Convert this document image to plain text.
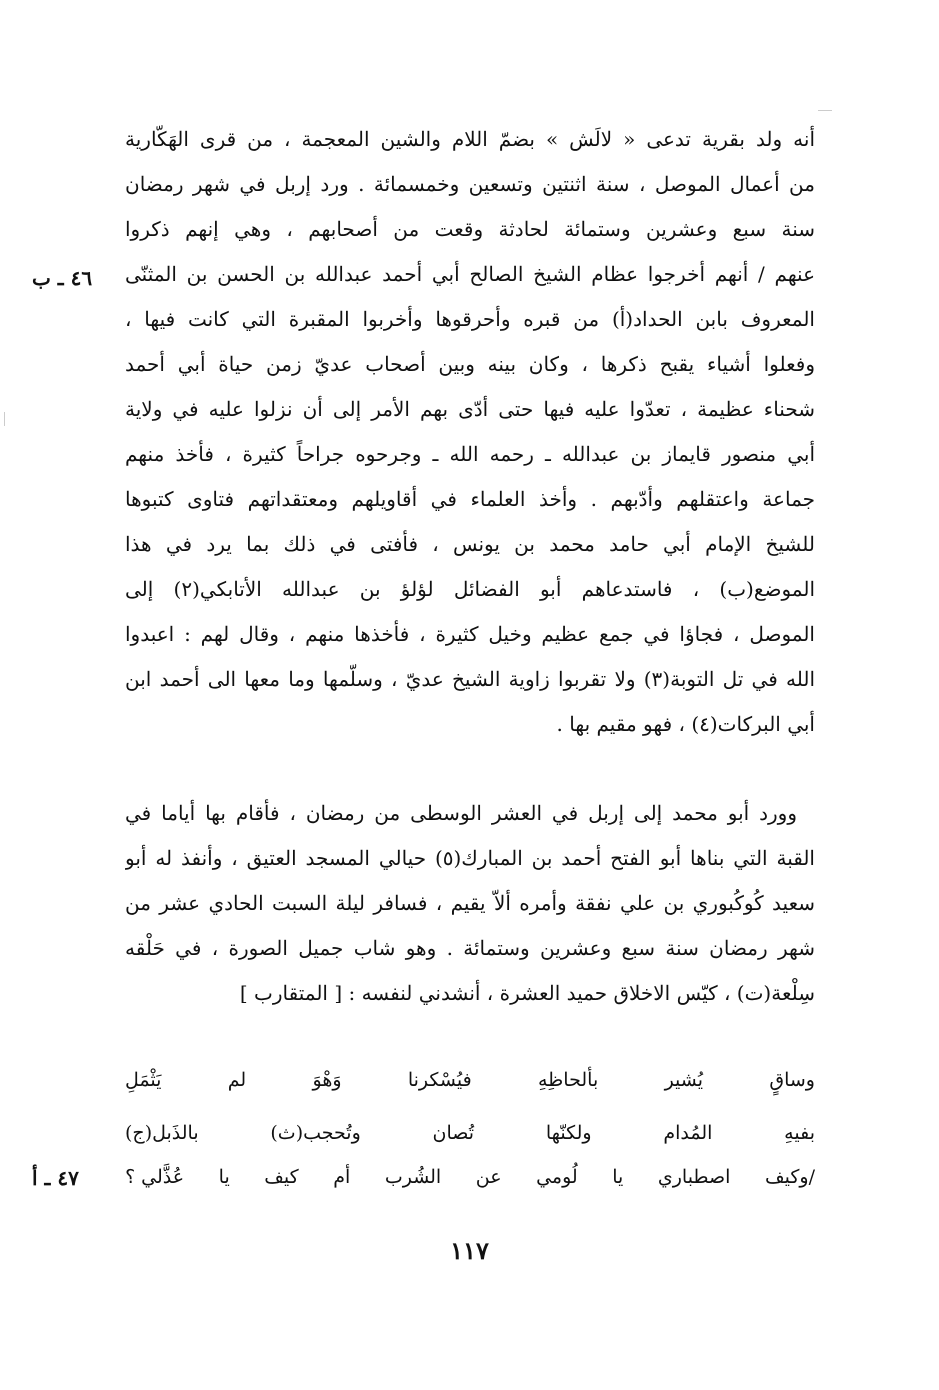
أنه ولد بقرية تدعى « لالَش » بضمّ اللام والشين المعجمة ، من قرى الهَكّارية
من أعمال الموصل ، سنة اثنتين وتسعين وخمسمائة . ورد إربل في شهر رمضان
سنة سبع وعشرين وستمائة لحادثة وقعت من أصحابهم ، وهي إنهم ذكروا
عنهم / أنهم أخرجوا عظام الشيخ الصالح أبي أحمد عبدالله بن الحسن بن المثنّى
المعروف بابن الحداد(أ) من قبره وأحرقوها وأخربوا المقبرة التي كانت فيها ،
وفعلوا أشياء يقبح ذكرها ، وكان بينه وبين أصحاب عديّ زمن حياة أبي أحمد
شحناء عظيمة ، تعدّوا عليه فيها حتى أدّى بهم الأمر إلى أن نزلوا عليه في ولاية
أبي منصور قايماز بن عبدالله ـ رحمه الله ـ وجرحوه جراحاً كثيرة ، فأخذ منهم
جماعة واعتقلهم وأدّبهم . وأخذ العلماء في أقاويلهم ومعتقداتهم فتاوى كتبوها
للشيخ الإمام أبي حامد محمد بن يونس ، فأفتى في ذلك بما يرد في هذا
الموضع(ب) ، فاستدعاهم أبو الفضائل لؤلؤ بن عبدالله الأتابكي(٢) إلى
الموصل ، فجاؤا في جمع عظيم وخيل كثيرة ، فأخذها منهم ، وقال لهم : اعبدوا
الله في تل التوبة(٣) ولا تقربوا زاوية الشيخ عديّ ، وسلّمها وما معها الى أحمد ابن
أبي البركات(٤) ، فهو مقيم بها .
٤٦ ـ ب
وورد أبو محمد إلى إربل في العشر الوسطى من رمضان ، فأقام بها أياما في
القبة التي بناها أبو الفتح أحمد بن المبارك(٥) حيالي المسجد العتيق ، وأنفذ له أبو
سعيد كُوكُبوري بن علي نفقة وأمره ألاّ يقيم ، فسافر ليلة السبت الحادي عشر من
شهر رمضان سنة سبع وعشرين وستمائة . وهو شاب جميل الصورة ، في حَلْقه
سِلْعة(ت) ، كيّس الاخلاق حميد العشرة ، أنشدني لنفسه : [ المتقارب ]
وساقٍ
يُشير
بألحاظِهِ
فيُسْكرنا
وَهْوَ
لم
يَثْمَلِ
بفيهِ
المُدام
ولكنّها
تُصان
وتُحجب(ث)
بالذَبل(ج)
/وكيف
اصطباري
يا
لُومي
عن
الشُرب
أم
كيف
يا
عُذَّلي ؟
٤٧ ـ أ
١١٧
